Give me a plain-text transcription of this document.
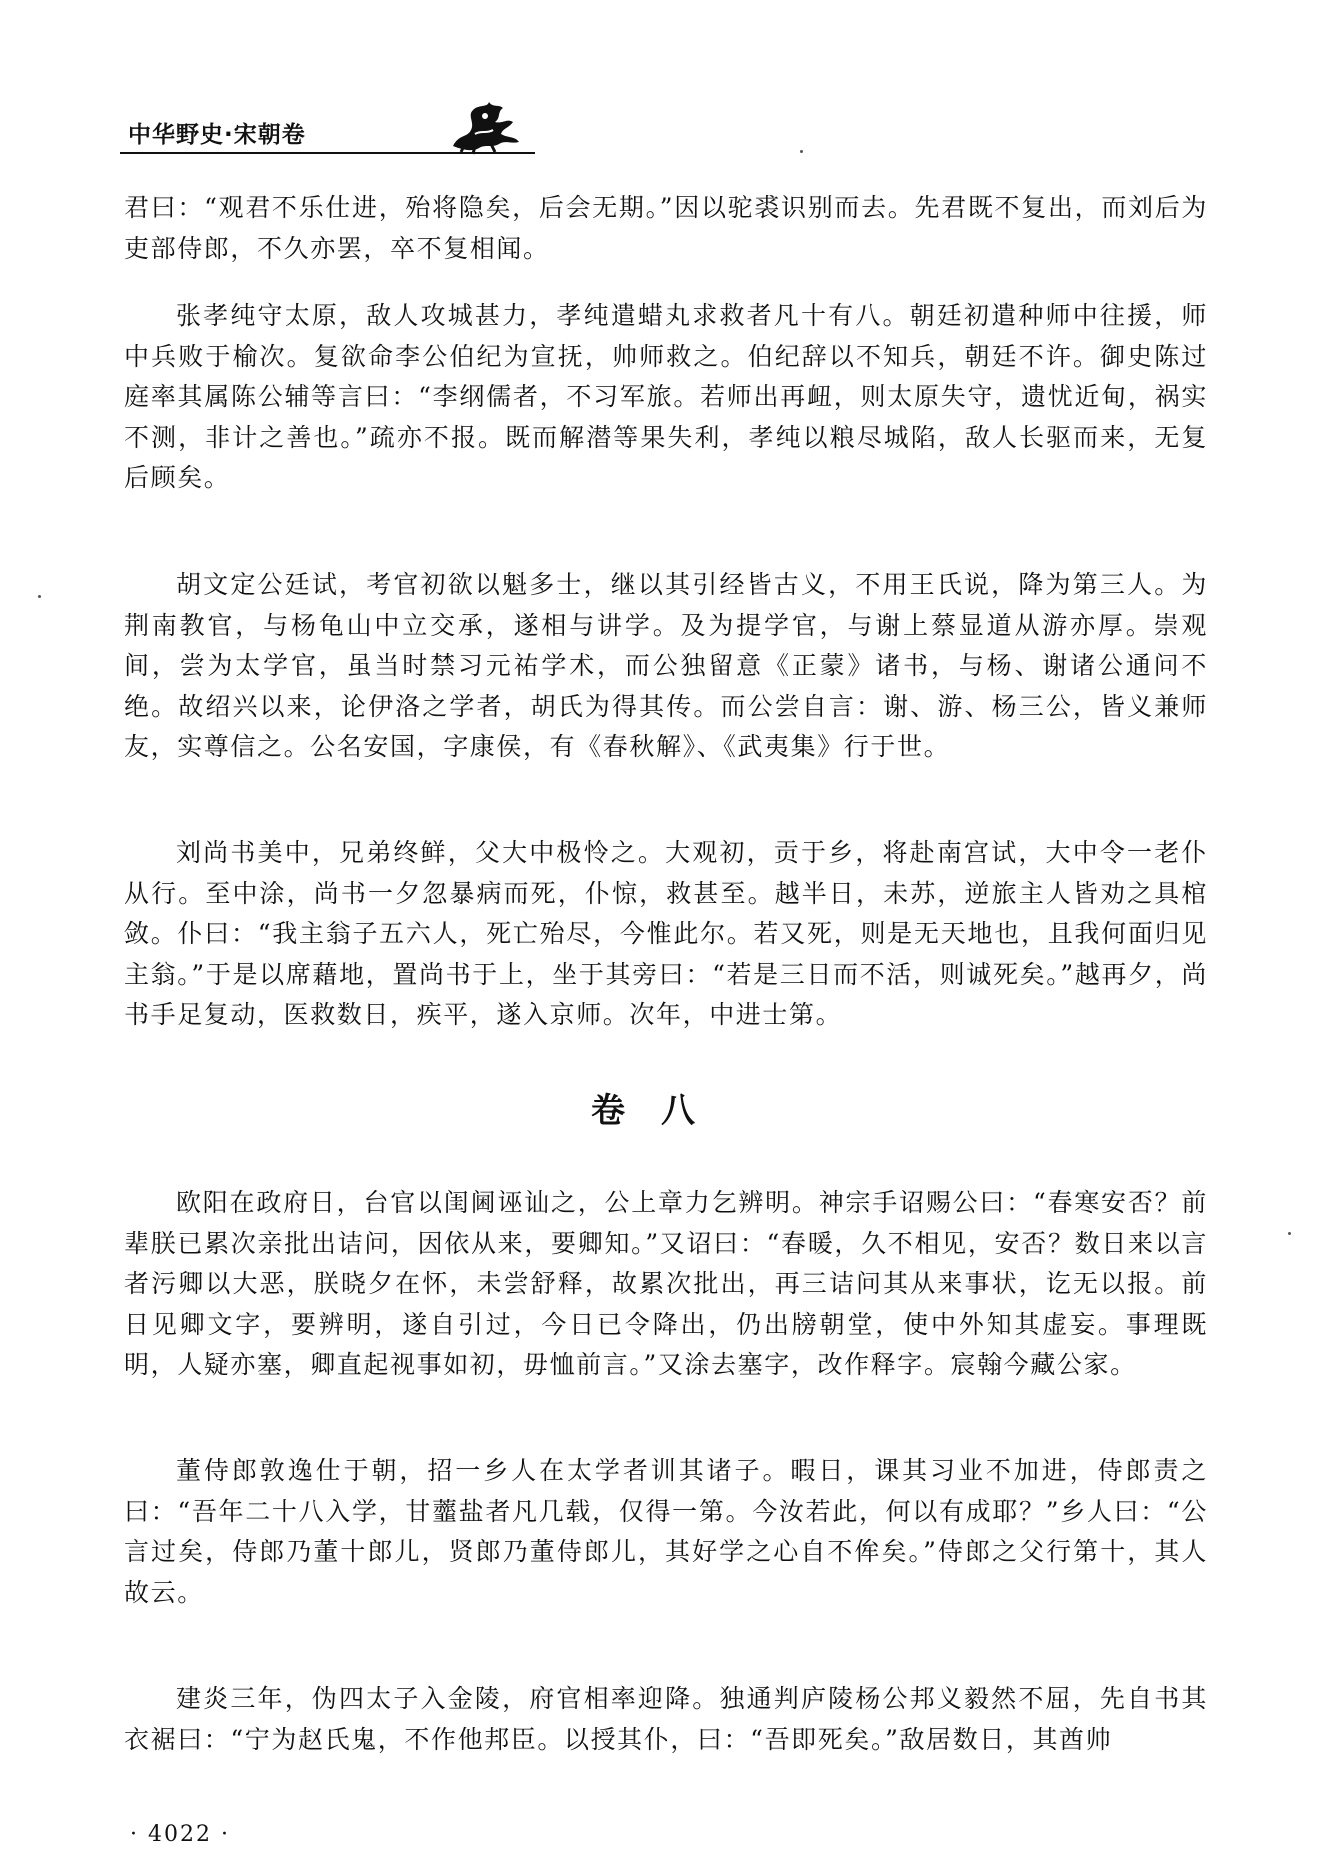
中华野史·宋朝卷

君曰：“观君不乐仕进，殆将隐矣，后会无期。”因以驼裘识别而去。先君既不复出，而刘后为吏部侍郎，不久亦罢，卒不复相闻。

张孝纯守太原，敌人攻城甚力，孝纯遣蜡丸求救者凡十有八。朝廷初遣种师中往援，师中兵败于榆次。复欲命李公伯纪为宣抚，帅师救之。伯纪辞以不知兵，朝廷不许。御史陈过庭率其属陈公辅等言曰：“李纲儒者，不习军旅。若师出再衄，则太原失守，遗忧近甸，祸实不测，非计之善也。”疏亦不报。既而解潜等果失利，孝纯以粮尽城陷，敌人长驱而来，无复后顾矣。

胡文定公廷试，考官初欲以魁多士，继以其引经皆古义，不用王氏说，降为第三人。为荆南教官，与杨龟山中立交承，遂相与讲学。及为提学官，与谢上蔡显道从游亦厚。崇观间，尝为太学官，虽当时禁习元祐学术，而公独留意《正蒙》诸书，与杨、谢诸公通问不绝。故绍兴以来，论伊洛之学者，胡氏为得其传。而公尝自言：谢、游、杨三公，皆义兼师友，实尊信之。公名安国，字康侯，有《春秋解》、《武夷集》行于世。

刘尚书美中，兄弟终鲜，父大中极怜之。大观初，贡于乡，将赴南宫试，大中令一老仆从行。至中涂，尚书一夕忽暴病而死，仆惊，救甚至。越半日，未苏，逆旅主人皆劝之具棺敛。仆曰：“我主翁子五六人，死亡殆尽，今惟此尔。若又死，则是无天地也，且我何面归见主翁。”于是以席藉地，置尚书于上，坐于其旁曰：“若是三日而不活，则诚死矣。”越再夕，尚书手足复动，医救数日，疾平，遂入京师。次年，中进士第。

卷八

欧阳在政府日，台官以闺阃诬讪之，公上章力乞辨明。神宗手诏赐公曰：“春寒安否？前辈朕已累次亲批出诘问，因依从来，要卿知。”又诏曰：“春暖，久不相见，安否？数日来以言者污卿以大恶，朕晓夕在怀，未尝舒释，故累次批出，再三诘问其从来事状，讫无以报。前日见卿文字，要辨明，遂自引过，今日已令降出，仍出牓朝堂，使中外知其虚妄。事理既明，人疑亦塞，卿直起视事如初，毋恤前言。”又涂去塞字，改作释字。宸翰今藏公家。

董侍郎敦逸仕于朝，招一乡人在太学者训其诸子。暇日，课其习业不加进，侍郎责之曰：“吾年二十八入学，甘虀盐者凡几载，仅得一第。今汝若此，何以有成耶？”乡人曰：“公言过矣，侍郎乃董十郎儿，贤郎乃董侍郎儿，其好学之心自不侔矣。”侍郎之父行第十，其人故云。

建炎三年，伪四太子入金陵，府官相率迎降。独通判庐陵杨公邦义毅然不屈，先自书其衣裾曰：“宁为赵氏鬼，不作他邦臣。以授其仆，曰：“吾即死矣。”敌居数日，其酋帅

· 4022 ·
